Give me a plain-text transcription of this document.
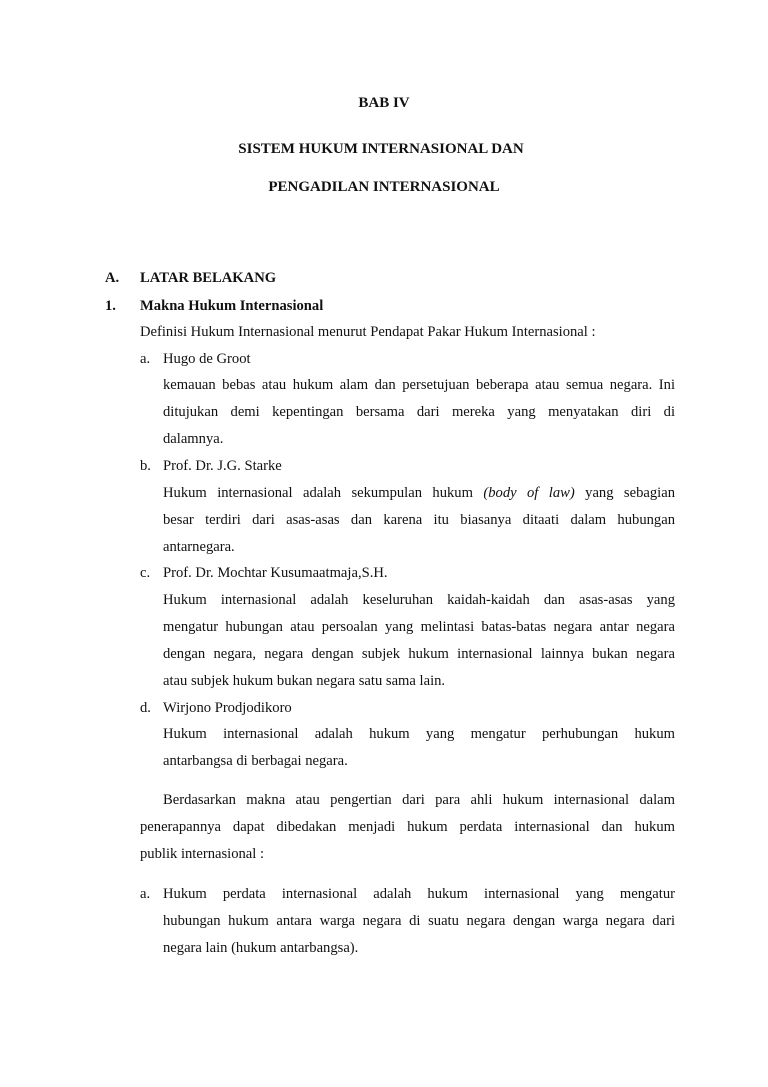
BAB IV
SISTEM HUKUM INTERNASIONAL DAN
PENGADILAN INTERNASIONAL
A. LATAR BELAKANG
1. Makna Hukum Internasional
Definisi Hukum Internasional menurut Pendapat Pakar Hukum Internasional :
a. Hugo de Groot
kemauan bebas atau hukum alam dan persetujuan beberapa atau semua negara. Ini
ditujukan demi kepentingan bersama dari mereka yang menyatakan diri di
dalamnya.
b. Prof. Dr. J.G. Starke
Hukum internasional adalah sekumpulan hukum (body of law) yang sebagian
besar terdiri dari asas-asas dan karena itu biasanya ditaati dalam hubungan
antarnegara.
c. Prof. Dr. Mochtar Kusumaatmaja,S.H.
Hukum internasional adalah keseluruhan kaidah-kaidah dan asas-asas yang
mengatur hubungan atau persoalan yang melintasi batas-batas negara antar negara
dengan negara, negara dengan subjek hukum internasional lainnya bukan negara
atau subjek hukum bukan negara satu sama lain.
d. Wirjono Prodjodikoro
Hukum internasional adalah hukum yang mengatur perhubungan hukum
antarbangsa di berbagai negara.
Berdasarkan makna atau pengertian dari para ahli hukum internasional dalam
penerapannya dapat dibedakan menjadi hukum perdata internasional dan hukum
publik internasional :
a. Hukum perdata internasional adalah hukum internasional yang mengatur
hubungan hukum antara warga negara di suatu negara dengan warga negara dari
negara lain (hukum antarbangsa).
